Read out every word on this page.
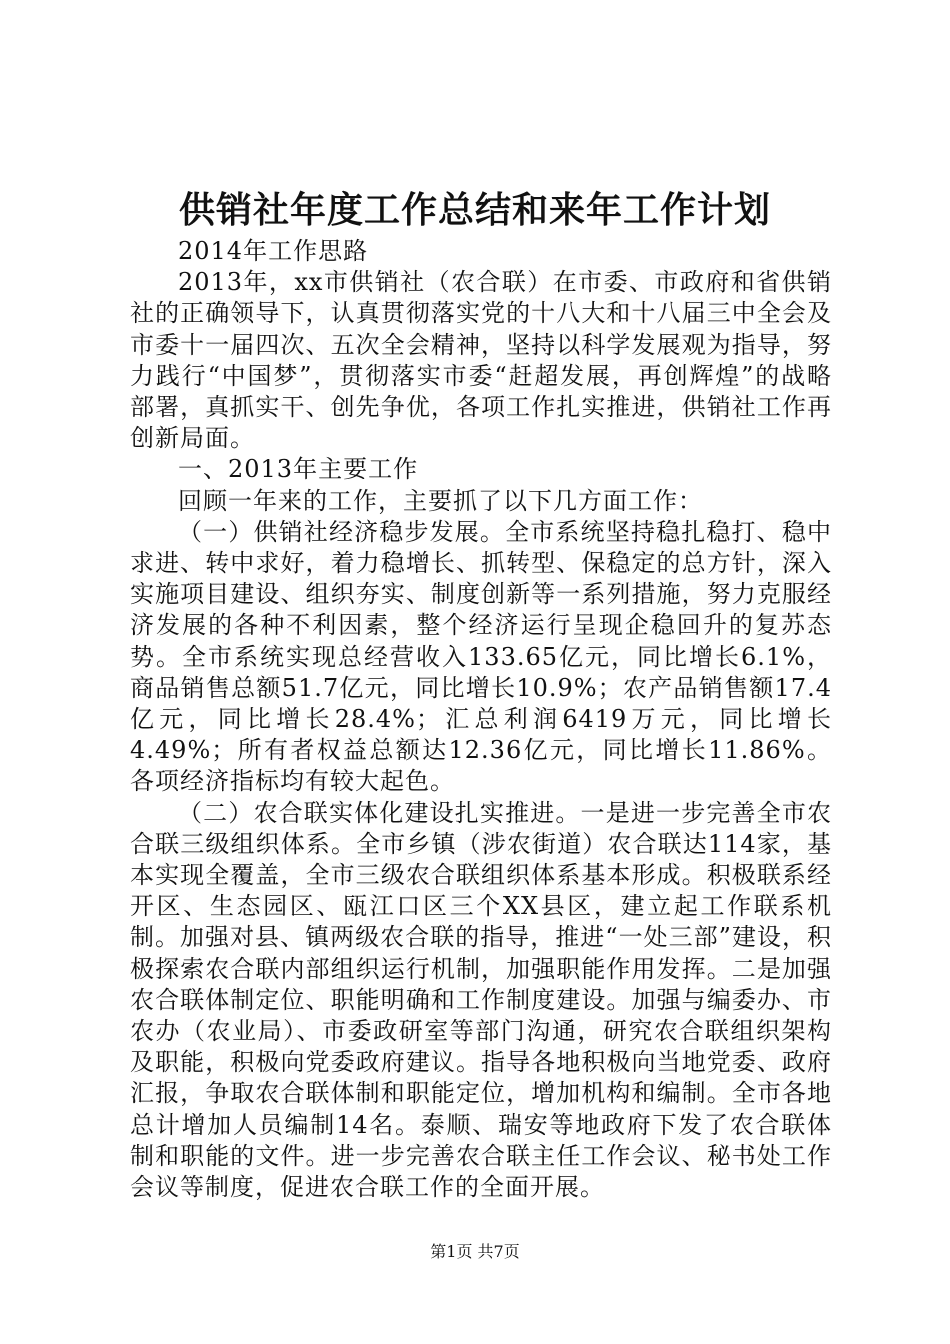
供销社年度工作总结和来年工作计划

2014年工作思路

2013年，xx市供销社（农合联）在市委、市政府和省供销社的正确领导下，认真贯彻落实党的十八大和十八届三中全会及市委十一届四次、五次全会精神，坚持以科学发展观为指导，努力践行“中国梦”，贯彻落实市委“赶超发展，再创辉煌”的战略部署，真抓实干、创先争优，各项工作扎实推进，供销社工作再创新局面。

一、2013年主要工作

回顾一年来的工作，主要抓了以下几方面工作：

（一）供销社经济稳步发展。全市系统坚持稳扎稳打、稳中求进、转中求好，着力稳增长、抓转型、保稳定的总方针，深入实施项目建设、组织夯实、制度创新等一系列措施，努力克服经济发展的各种不利因素，整个经济运行呈现企稳回升的复苏态势。全市系统实现总经营收入133.65亿元，同比增长6.1%，商品销售总额51.7亿元，同比增长10.9%；农产品销售额17.4亿元，同比增长28.4%；汇总利润6419万元，同比增长4.49%；所有者权益总额达12.36亿元，同比增长11.86%。各项经济指标均有较大起色。

（二）农合联实体化建设扎实推进。一是进一步完善全市农合联三级组织体系。全市乡镇（涉农街道）农合联达114家，基本实现全覆盖，全市三级农合联组织体系基本形成。积极联系经开区、生态园区、瓯江口区三个XX县区，建立起工作联系机制。加强对县、镇两级农合联的指导，推进“一处三部”建设，积极探索农合联内部组织运行机制，加强职能作用发挥。二是加强农合联体制定位、职能明确和工作制度建设。加强与编委办、市农办（农业局）、市委政研室等部门沟通，研究农合联组织架构及职能，积极向党委政府建议。指导各地积极向当地党委、政府汇报，争取农合联体制和职能定位，增加机构和编制。全市各地总计增加人员编制14名。泰顺、瑞安等地政府下发了农合联体制和职能的文件。进一步完善农合联主任工作会议、秘书处工作会议等制度，促进农合联工作的全面开展。

第1页 共7页
